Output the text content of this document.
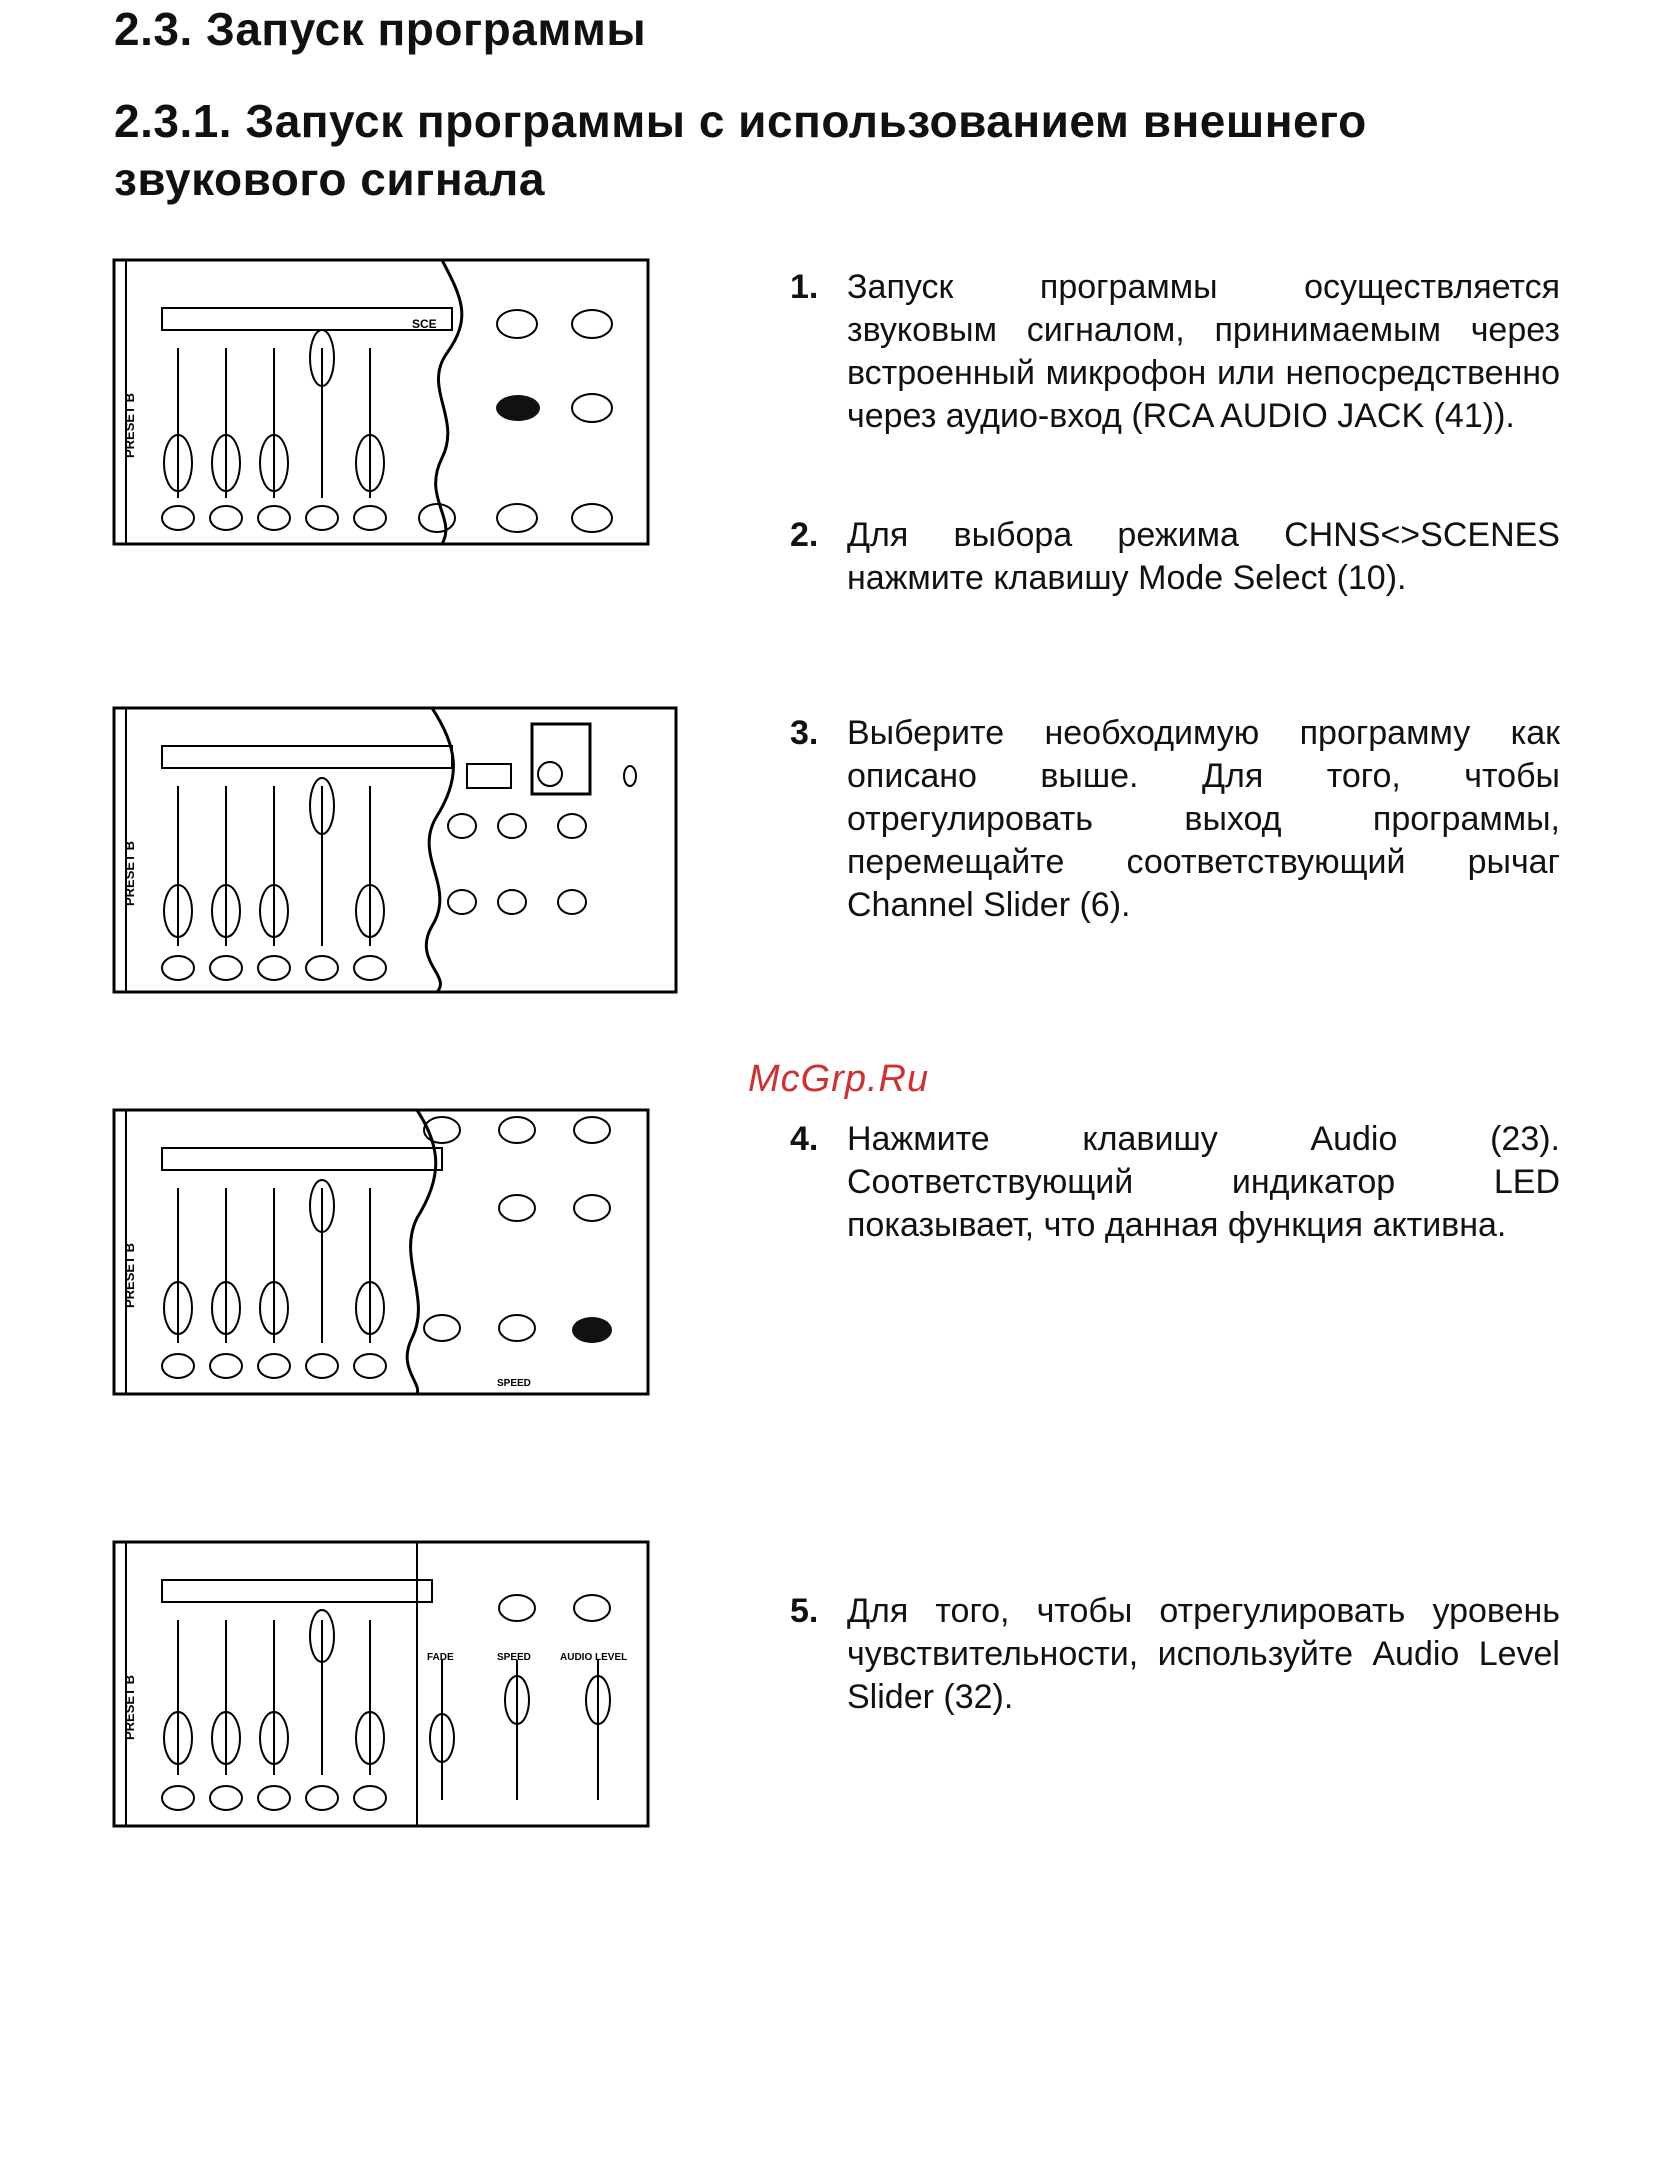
2.3. Запуск программы
2.3.1. Запуск программы с использованием внешнего звукового сигнала
PRESET B
SCE
PRESET B
McGrp.Ru
PRESET B
SPEED
PRESET B
AUDIO LEVEL
SPEED
FADE
1. Запуск программы осуществляется звуковым сигналом, принимаемым через встроенный микрофон или непосредственно через аудио-вход (RCA AUDIO JACK (41)).
2. Для выбора режима CHNS<>SCENES нажмите клавишу Mode Select (10).
3. Выберите необходимую программу как описано выше. Для того, чтобы отрегулировать выход программы, перемещайте соответствующий рычаг Channel Slider (6).
4. Нажмите клавишу Audio (23). Соответствующий индикатор LED показывает, что данная функция активна.
5. Для того, чтобы отрегулировать уровень чувствительности, используйте Audio Level Slider (32).
